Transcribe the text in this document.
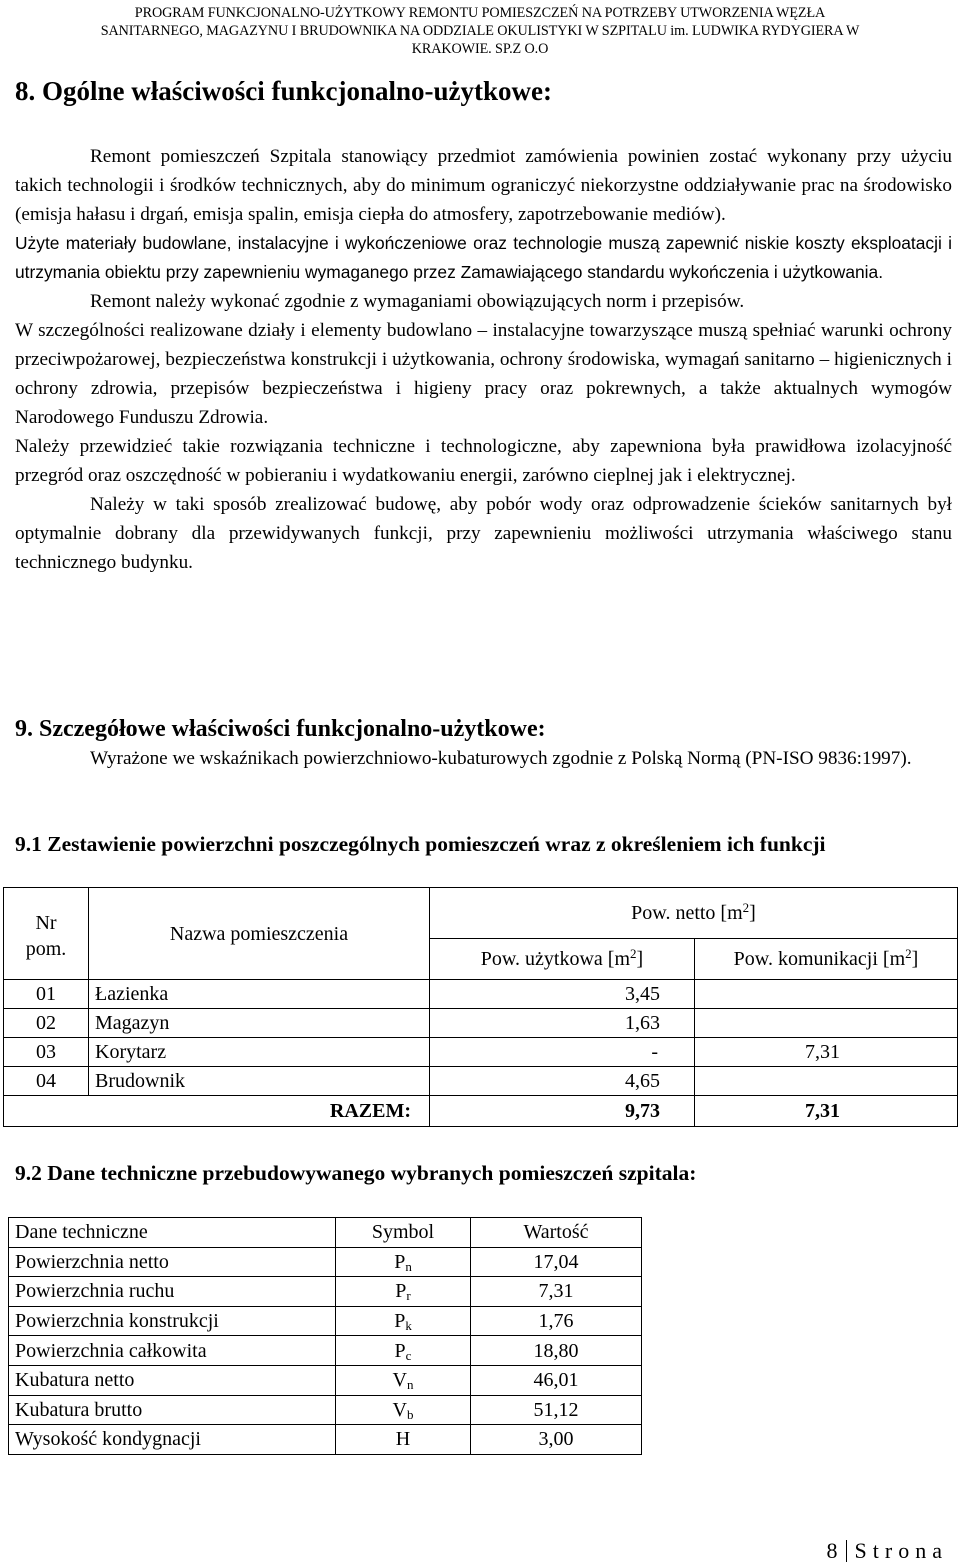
PROGRAM FUNKCJONALNO-UŻYTKOWY REMONTU POMIESZCZEŃ NA POTRZEBY UTWORZENIA WĘZŁA
SANITARNEGO, MAGAZYNU I BRUDOWNIKA NA ODDZIALE OKULISTYKI W SZPITALU im. LUDWIKA RYDYGIERA W
KRAKOWIE. SP.Z O.O
8. Ogólne właściwości funkcjonalno-użytkowe:
Remont pomieszczeń Szpitala stanowiący przedmiot zamówienia powinien zostać wykonany przy użyciu takich technologii i środków technicznych, aby do minimum ograniczyć niekorzystne oddziaływanie prac na środowisko (emisja hałasu i drgań, emisja spalin, emisja ciepła do atmosfery, zapotrzebowanie mediów).
Użyte materiały budowlane, instalacyjne i wykończeniowe oraz technologie muszą zapewnić niskie koszty eksploatacji i utrzymania obiektu przy zapewnieniu wymaganego przez Zamawiającego standardu wykończenia i użytkowania.
Remont należy wykonać zgodnie z wymaganiami obowiązujących norm i przepisów.
W szczególności realizowane działy i elementy budowlano – instalacyjne towarzyszące muszą spełniać warunki ochrony przeciwpożarowej, bezpieczeństwa konstrukcji i użytkowania, ochrony środowiska, wymagań sanitarno – higienicznych i ochrony zdrowia, przepisów bezpieczeństwa i higieny pracy oraz pokrewnych, a także aktualnych wymogów Narodowego Funduszu Zdrowia.
Należy przewidzieć takie rozwiązania techniczne i technologiczne, aby zapewniona była prawidłowa izolacyjność przegród oraz oszczędność w pobieraniu i wydatkowaniu energii, zarówno cieplnej jak i elektrycznej.
Należy w taki sposób zrealizować budowę, aby pobór wody oraz odprowadzenie ścieków sanitarnych był optymalnie dobrany dla przewidywanych funkcji, przy zapewnieniu możliwości utrzymania właściwego stanu technicznego budynku.
9. Szczegółowe właściwości funkcjonalno-użytkowe:
Wyrażone we wskaźnikach powierzchniowo-kubaturowych zgodnie z Polską Normą (PN-ISO 9836:1997).
9.1 Zestawienie powierzchni poszczególnych pomieszczeń wraz z określeniem ich funkcji
Nr
pom.	Nazwa pomieszczenia	Pow. netto $[m^2]$	
		Pow. użytkowa $[m^2]$	Pow. komunikacji $[m^2]$
01	Łazienka	3,45	
02	Magazyn	1,63	
03	Korytarz	-	7,31
04	Brudownik	4,65	
RAZEM:		9,73	7,31
9.2 Dane techniczne przebudowywanego wybranych pomieszczeń szpitala:
Dane techniczne	Symbol	Wartość
Powierzchnia netto	$P_n$	17,04
Powierzchnia ruchu	$P_r$	7,31
Powierzchnia konstrukcji	$P_k$	1,76
Powierzchnia całkowita	$P_c$	18,80
Kubatura netto	$V_n$	46,01
Kubatura brutto	$V_b$	51,12
Wysokość kondygnacji	H	3,00
8 Strona
